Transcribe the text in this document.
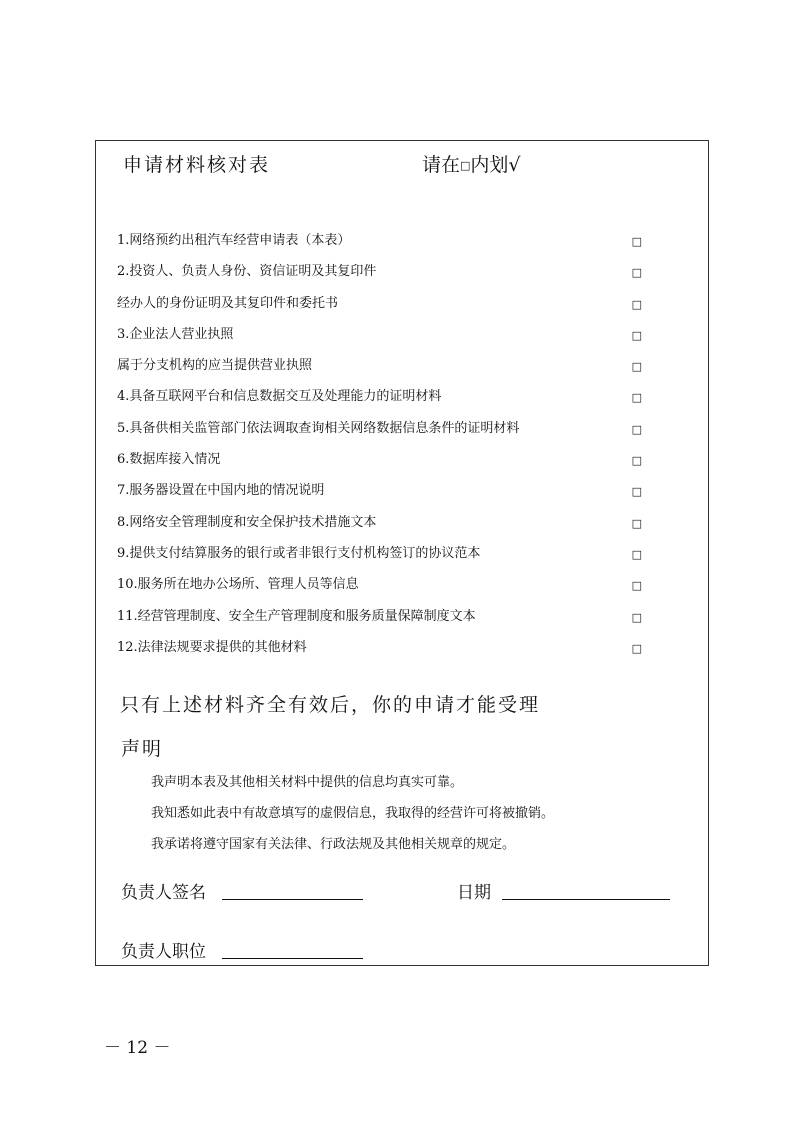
申请材料核对表	请在□内划√
1.网络预约出租汽车经营申请表（本表）	□
2.投资人、负责人身份、资信证明及其复印件	□
经办人的身份证明及其复印件和委托书	□
3.企业法人营业执照	□
属于分支机构的应当提供营业执照	□
4.具备互联网平台和信息数据交互及处理能力的证明材料	□
5.具备供相关监管部门依法调取查询相关网络数据信息条件的证明材料	□
6.数据库接入情况	□
7.服务器设置在中国内地的情况说明	□
8.网络安全管理制度和安全保护技术措施文本	□
9.提供支付结算服务的银行或者非银行支付机构签订的协议范本	□
10.服务所在地办公场所、管理人员等信息	□
11.经营管理制度、安全生产管理制度和服务质量保障制度文本	□
12.法律法规要求提供的其他材料	□
只有上述材料齐全有效后，你的申请才能受理
声明
我声明本表及其他相关材料中提供的信息均真实可靠。
我知悉如此表中有故意填写的虚假信息，我取得的经营许可将被撤销。
我承诺将遵守国家有关法律、行政法规及其他相关规章的规定。
负责人签名	日期
负责人职位
－ 12 －
